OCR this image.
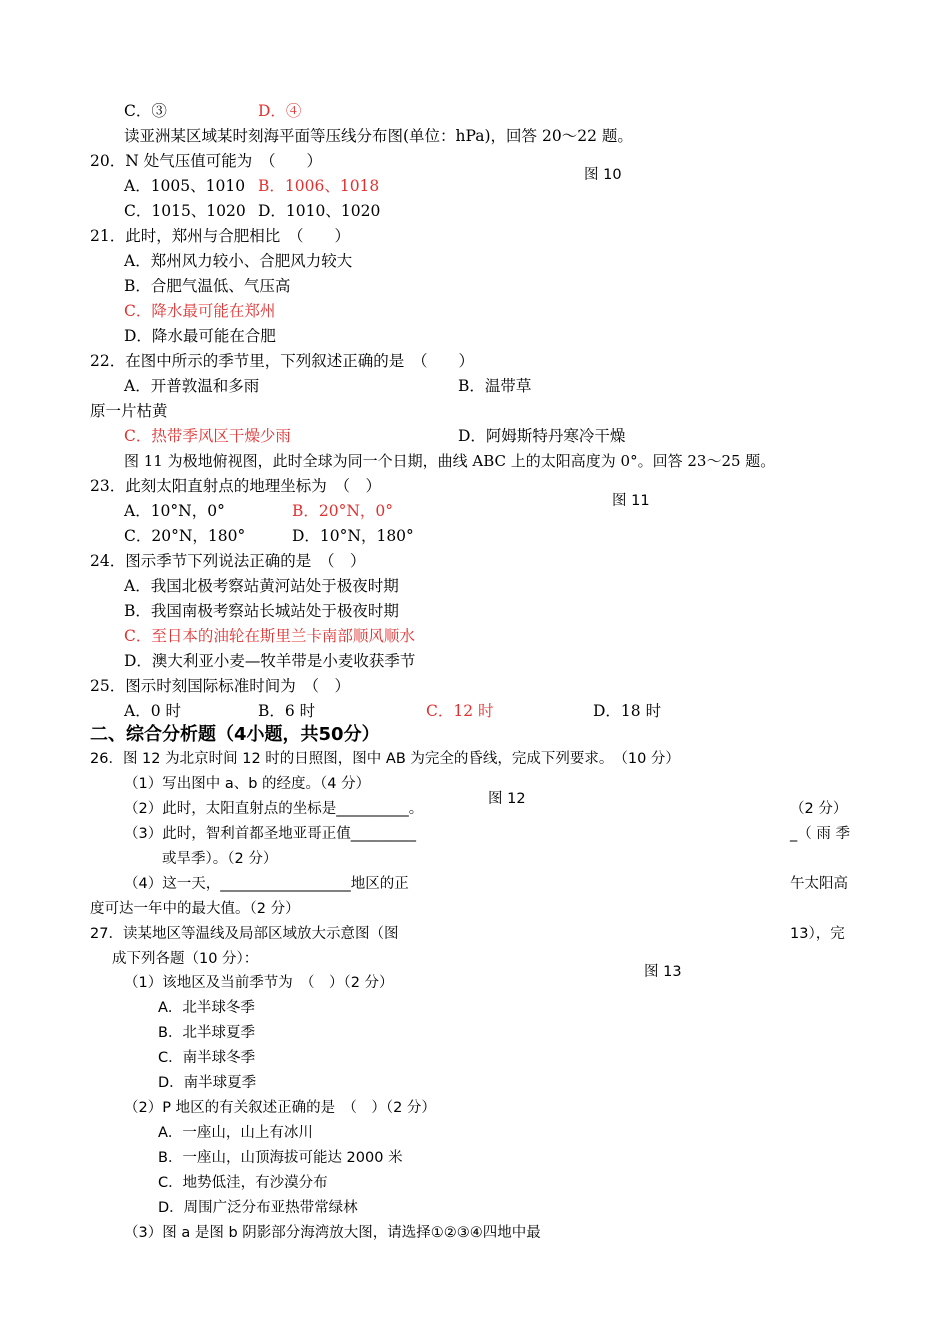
C．③	D．④
读亚洲某区域某时刻海平面等压线分布图(单位：hPa)，回答 20～22 题。
20．N 处气压值可能为　（　　）
图 10
A．1005、1010 B．1006、1018
C．1015、1020 D．1010、1020
21．此时，郑州与合肥相比　（　　）
A．郑州风力较小、合肥风力较大
B．合肥气温低、气压高
C．降水最可能在郑州
D．降水最可能在合肥
22．在图中所示的季节里，下列叙述正确的是　（　　）
A．开普敦温和多雨	B．温带草
原一片枯黄
C．热带季风区干燥少雨	D．阿姆斯特丹寒冷干燥
图 11 为极地俯视图，此时全球为同一个日期，曲线 ABC 上的太阳高度为 0°。回答 23～25 题。
23．此刻太阳直射点的地理坐标为　（　）
图 11
A．10°N，0°	B．20°N，0°
C．20°N，180°	D．10°N，180°
24．图示季节下列说法正确的是　（　）
A．我国北极考察站黄河站处于极夜时期
B．我国南极考察站长城站处于极夜时期
C．至日本的油轮在斯里兰卡南部顺风顺水
D．澳大利亚小麦—牧羊带是小麦收获季节
25．图示时刻国际标准时间为　（　）
A．0 时	B．6 时	C．12 时	D．18 时
二、综合分析题（4小题，共50分）
26．图 12 为北京时间 12 时的日照图，图中 AB 为完全的昏线，完成下列要求。　（10 分）
（1）写出图中 a、b 的经度。（4 分）
图 12
（2）此时，太阳直射点的坐标是__________。	（2 分）
（3）此时，智利首都圣地亚哥正值_________	_（ 雨 季
或旱季）。（2 分）
（4）这一天，__________________地区的正	午太阳高
度可达一年中的最大值。（2 分）
27．读某地区等温线及局部区域放大示意图（图	13），完
成下列各题（10 分）：
图 13
（1）该地区及当前季节为　（　）（2 分）
A．北半球冬季
B．北半球夏季
C．南半球冬季
D．南半球夏季
（2）P 地区的有关叙述正确的是　（　）（2 分）
A．一座山，山上有冰川
B．一座山，山顶海拔可能达 2000 米
C．地势低洼，有沙漠分布
D．周围广泛分布亚热带常绿林
（3）图 a 是图 b 阴影部分海湾放大图，请选择①②③④四地中最
